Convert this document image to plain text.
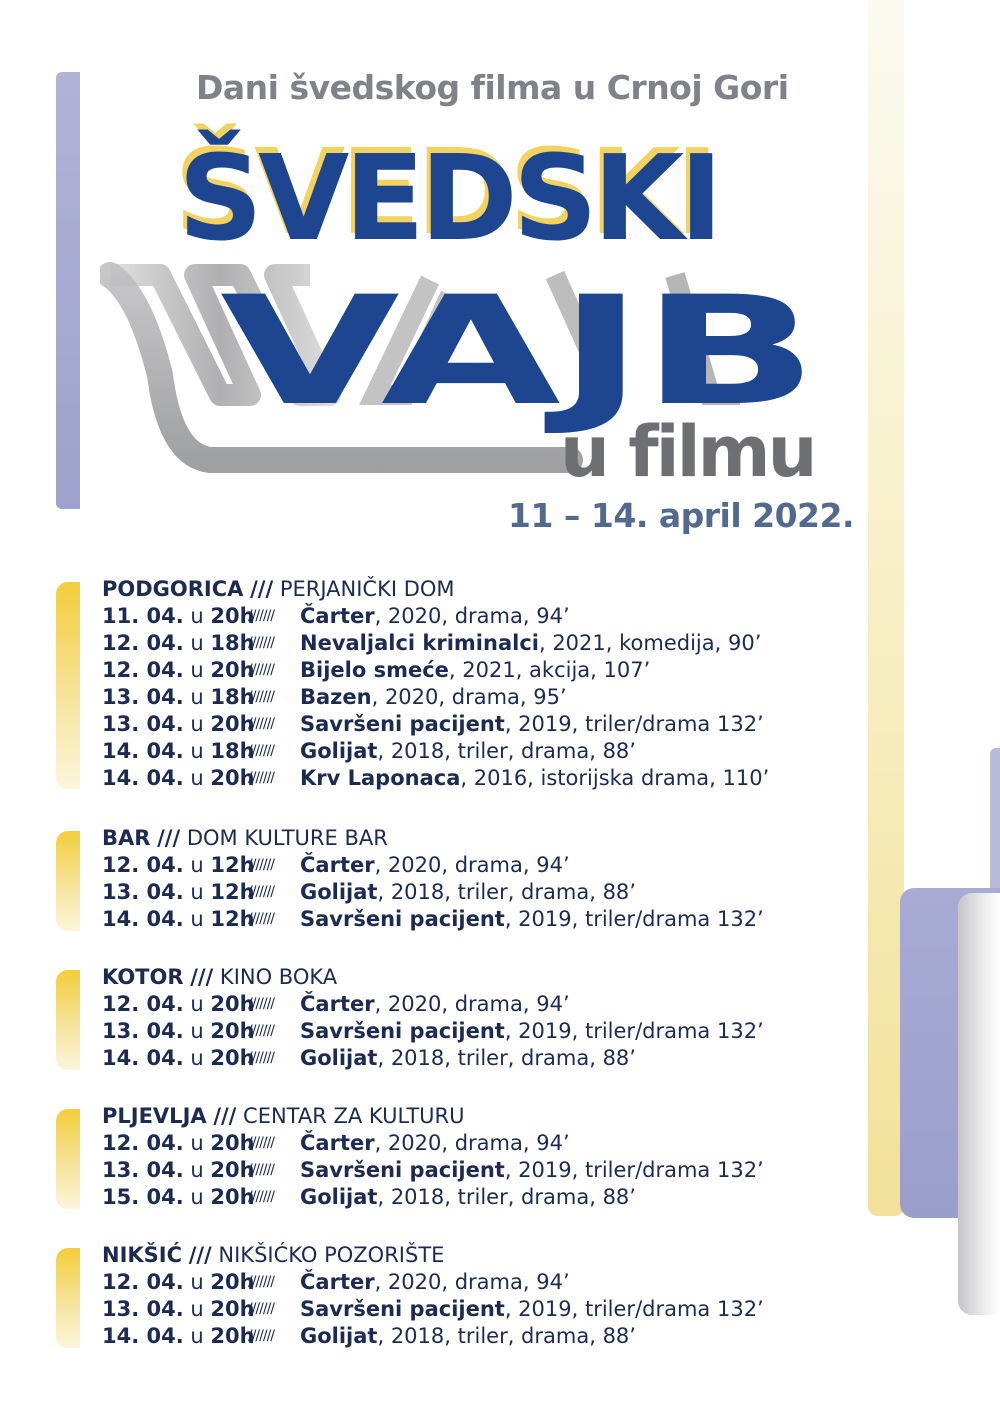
Dani švedskog filma u Crnoj Gori
ŠVEDSKI
VAJB
u filmu
11 – 14. april 2022.
PODGORICA /// PERJANIČKI DOM
11. 04. u 20h
/////// Čarter, 2020, drama, 94’
12. 04. u 18h
/////// Nevaljalci kriminalci, 2021, komedija, 90’
12. 04. u 20h
/////// Bijelo smeće, 2021, akcija, 107’
13. 04. u 18h
/////// Bazen, 2020, drama, 95’
13. 04. u 20h
/////// Savršeni pacijent, 2019, triler/drama 132’
14. 04. u 18h
/////// Golijat, 2018, triler, drama, 88’
14. 04. u 20h
/////// Krv Laponaca, 2016, istorijska drama, 110’
BAR /// DOM KULTURE BAR
12. 04. u 12h
/////// Čarter, 2020, drama, 94’
13. 04. u 12h
/////// Golijat, 2018, triler, drama, 88’
14. 04. u 12h
/////// Savršeni pacijent, 2019, triler/drama 132’
KOTOR /// KINO BOKA
12. 04. u 20h
/////// Čarter, 2020, drama, 94’
13. 04. u 20h
/////// Savršeni pacijent, 2019, triler/drama 132’
14. 04. u 20h
/////// Golijat, 2018, triler, drama, 88’
PLJEVLJA /// CENTAR ZA KULTURU
12. 04. u 20h
/////// Čarter, 2020, drama, 94’
13. 04. u 20h
/////// Savršeni pacijent, 2019, triler/drama 132’
15. 04. u 20h
/////// Golijat, 2018, triler, drama, 88’
NIKŠIĆ /// NIKŠIĆKO POZORIŠTE
12. 04. u 20h
/////// Čarter, 2020, drama, 94’
13. 04. u 20h
/////// Savršeni pacijent, 2019, triler/drama 132’
14. 04. u 20h
/////// Golijat, 2018, triler, drama, 88’
